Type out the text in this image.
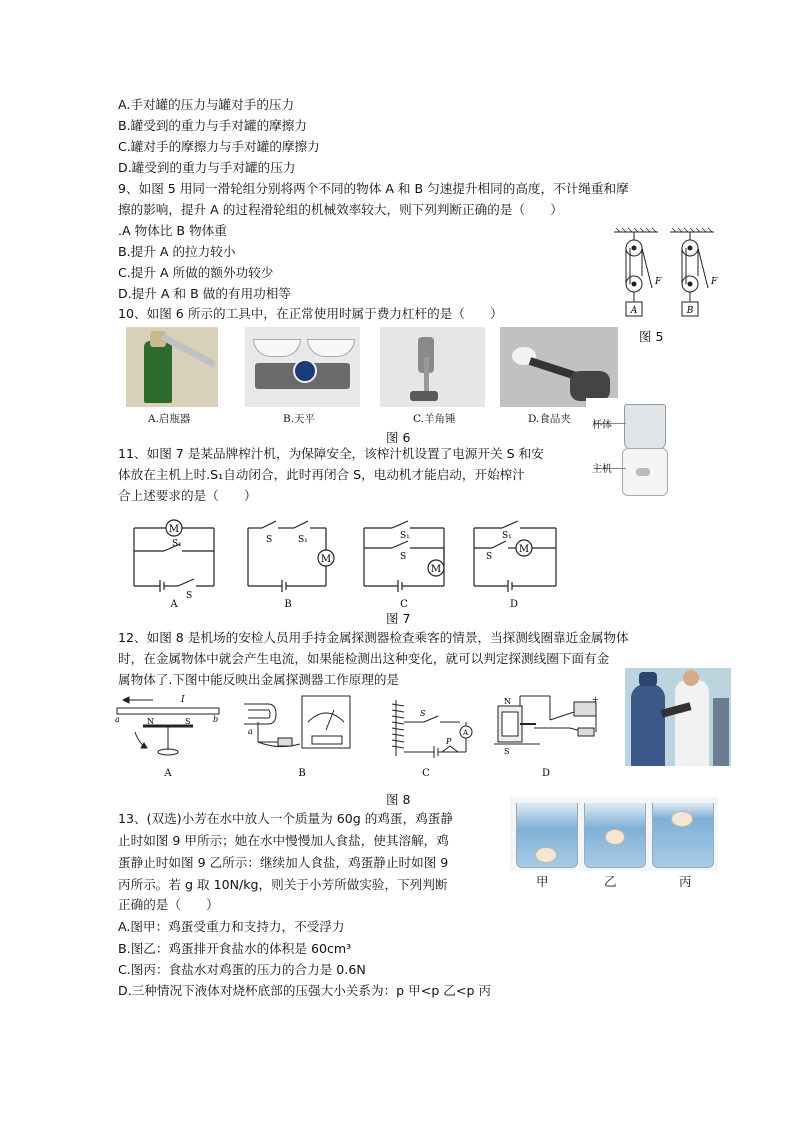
A.手对罐的压力与罐对手的压力
B.罐受到的重力与手对罐的摩擦力
C.罐对手的摩擦力与手对罐的摩擦力
D.罐受到的重力与手对罐的压力
9、如图 5 用同一滑轮组分别将两个不同的物体 A 和 B 匀速提升相同的高度，不计绳重和摩
擦的影响，提升 A 的过程滑轮组的机械效率较大，则下列判断正确的是（　　）
.A 物体比 B 物体重
B.提升 A 的拉力较小
C.提升 A 所做的额外功较少
D.提升 A 和 B 做的有用功相等
A	B
F	F
图 5
10、如图 6 所示的工具中，在正常使用时属于费力杠杆的是（　　）
A.启瓶器	B.天平	C.羊角锤	D.食品夹
图 6
杯体
主机
11、如图 7 是某品牌榨汁机，为保障安全，该榨汁机设置了电源开关 S 和安
体放在主机上时.S₁自动闭合，此时再闭合 S，电动机才能启动，开始榨汁
合上述要求的是（　　）
M
S₁
S
A
M
S	S₁
B
M
S₁
S
C
M
S₁
S
D
图 7
12、如图 8 是机场的安检人员用手持金属探测器检查乘客的情景，当探测线圈靠近金属物体
时，在金属物体中就会产生电流，如果能检测出这种变化，就可以判定探测线圈下面有金
属物体了.下图中能反映出金属探测器工作原理的是
I
a	b
N	S
A
a
B
S
A
P
C
N
S
+
D
图 8
13、(双选)小芳在水中放人一个质量为 60g 的鸡蛋，鸡蛋静
止时如图 9 甲所示；她在水中慢慢加人食盐，使其溶解，鸡
蛋静止时如图 9 乙所示：继续加人食盐，鸡蛋静止时如图 9
丙所示。若 g 取 10N/kg，则关于小芳所做实验，下列判断
正确的是（　　）
A.图甲：鸡蛋受重力和支持力，不受浮力
B.图乙：鸡蛋排开食盐水的体积是 60cm³
C.图丙：食盐水对鸡蛋的压力的合力是 0.6N
D.三种情况下液体对烧杯底部的压强大小关系为：p 甲<p 乙<p 丙
甲	乙	丙
